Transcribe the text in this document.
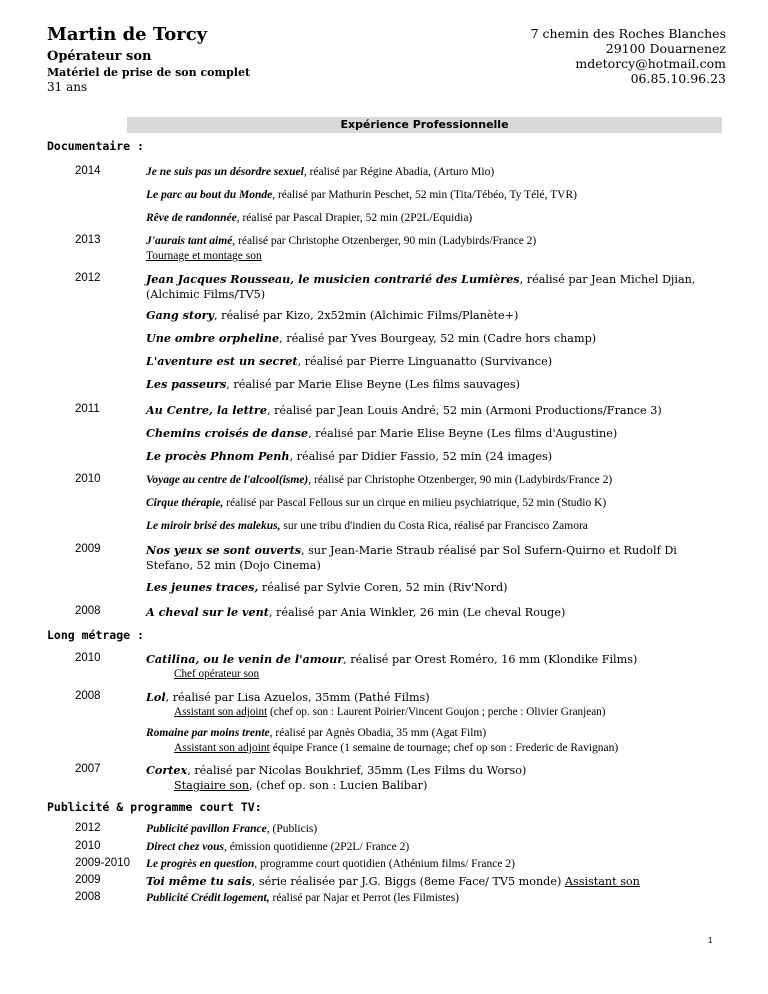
Martin de Torcy
Opérateur son
Matériel de prise de son complet
31 ans
7 chemin des Roches Blanches
29100 Douarnenez
mdetorcy@hotmail.com
06.85.10.96.23
Expérience Professionnelle
Documentaire :
2014	Je ne suis pas un désordre sexuel, réalisé par Régine Abadia, (Arturo Mio)
Le parc au bout du Monde, réalisé par Mathurin Peschet, 52 min (Tita/Tébéo, Ty Télé, TVR)
Rêve de randonnée, réalisé par Pascal Drapier, 52 min (2P2L/Equidia)
2013	J'aurais tant aimé, réalisé par Christophe Otzenberger, 90 min (Ladybirds/France 2)
Tournage et montage son
2012	Jean Jacques Rousseau, le musicien contrarié des Lumières, réalisé par Jean Michel Djian, (Alchimic Films/TV5)
Gang story, réalisé par Kizo, 2x52min (Alchimic Films/Planète+)
Une ombre orpheline, réalisé par Yves Bourgeay, 52 min (Cadre hors champ)
L'aventure est un secret, réalisé par Pierre Linguanatto (Survivance)
Les passeurs, réalisé par Marie Elise Beyne (Les films sauvages)
2011	Au Centre, la lettre, réalisé par Jean Louis André, 52 min (Armoni Productions/France 3)
Chemins croisés de danse, réalisé par Marie Elise Beyne (Les films d'Augustine)
Le procès Phnom Penh, réalisé par Didier Fassio, 52 min (24 images)
2010	Voyage au centre de l'alcool(isme), réalisé par Christophe Otzenberger, 90 min (Ladybirds/France 2)
Cirque thérapie, réalisé par Pascal Fellous sur un cirque en milieu psychiatrique, 52 min (Studio K)
Le miroir brisé des malekus, sur une tribu d'indien du Costa Rica, réalisé par Francisco Zamora
2009	Nos yeux se sont ouverts, sur Jean-Marie Straub réalisé par Sol Sufern-Quirno et Rudolf Di Stefano, 52 min (Dojo Cinema)
Les jeunes traces, réalisé par Sylvie Coren, 52 min (Riv'Nord)
2008	A cheval sur le vent, réalisé par Ania Winkler, 26 min (Le cheval Rouge)
Long métrage :
2010	Catilina, ou le venin de l'amour, réalisé par Orest Roméro, 16 mm (Klondike Films)
Chef opérateur son
2008	Lol, réalisé par Lisa Azuelos, 35mm (Pathé Films)
Assistant son adjoint (chef op. son : Laurent Poirier/Vincent Goujon ; perche : Olivier Granjean)
Romaine par moins trente, réalisé par Agnès Obadia, 35 mm (Agat Film)
Assistant son adjoint équipe France (1 semaine de tournage; chef op son : Frederic de Ravignan)
2007	Cortex, réalisé par Nicolas Boukhrief, 35mm (Les Films du Worso)
Stagiaire son, (chef op. son : Lucien Balibar)
Publicité & programme court TV:
2012	Publicité pavillon France, (Publicis)
2010	Direct chez vous, émission quotidienne (2P2L/ France 2)
2009-2010 Le progrès en question, programme court quotidien (Athénium films/ France 2)
2009	Toi même tu sais, série réalisée par J.G. Biggs (8eme Face/ TV5 monde) Assistant son
2008	Publicité Crédit logement, réalisé par Najar et Perrot (les Filmistes)
1
